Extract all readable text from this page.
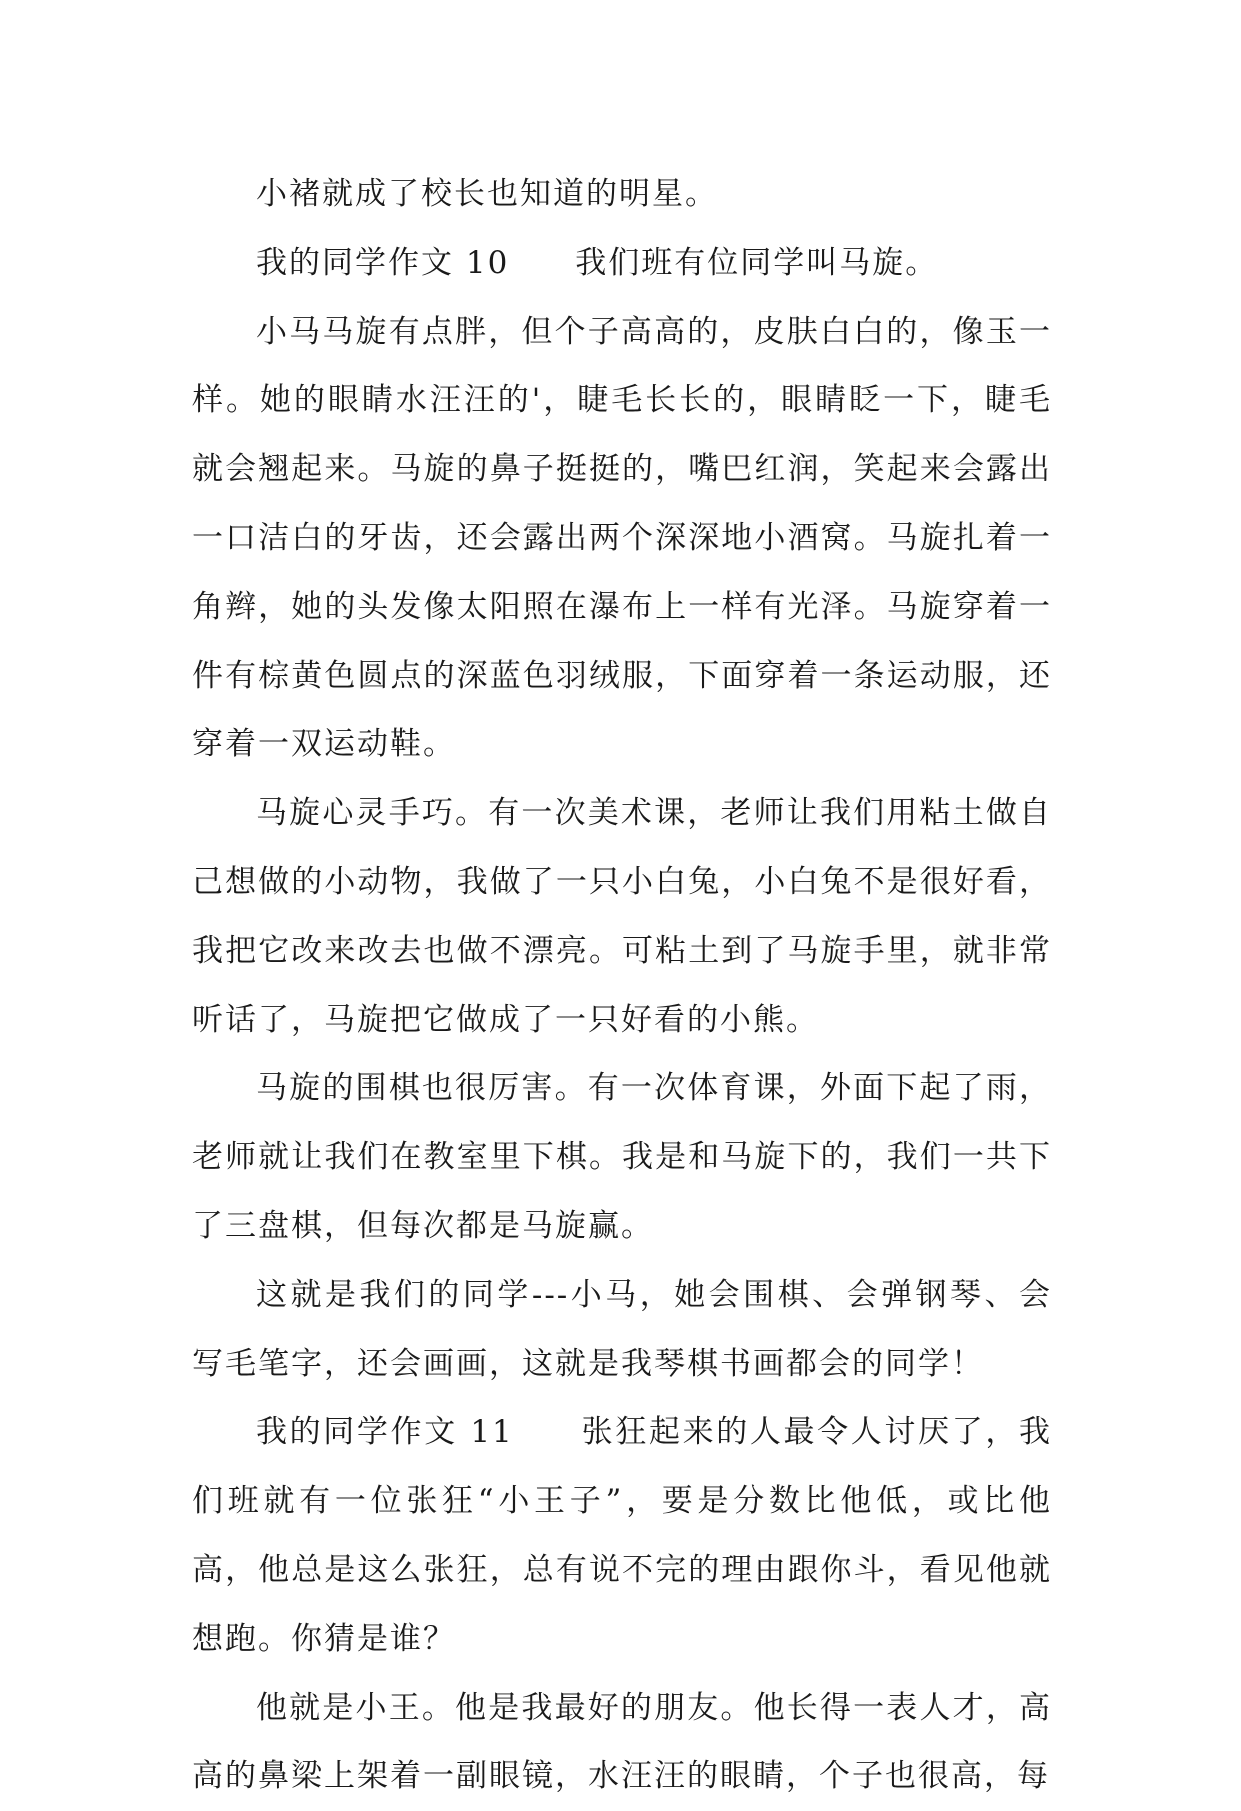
小褚就成了校长也知道的明星。

我的同学作文 10　　我们班有位同学叫马旋。

小马马旋有点胖，但个子高高的，皮肤白白的，像玉一样。她的眼睛水汪汪的'，睫毛长长的，眼睛眨一下，睫毛就会翘起来。马旋的鼻子挺挺的，嘴巴红润，笑起来会露出一口洁白的牙齿，还会露出两个深深地小酒窝。马旋扎着一角辫，她的头发像太阳照在瀑布上一样有光泽。马旋穿着一件有棕黄色圆点的深蓝色羽绒服，下面穿着一条运动服，还穿着一双运动鞋。

马旋心灵手巧。有一次美术课，老师让我们用粘土做自己想做的小动物，我做了一只小白兔，小白兔不是很好看，我把它改来改去也做不漂亮。可粘土到了马旋手里，就非常听话了，马旋把它做成了一只好看的小熊。

马旋的围棋也很厉害。有一次体育课，外面下起了雨，老师就让我们在教室里下棋。我是和马旋下的，我们一共下了三盘棋，但每次都是马旋赢。

这就是我们的同学---小马，她会围棋、会弹钢琴、会写毛笔字，还会画画，这就是我琴棋书画都会的同学！

我的同学作文 11　　张狂起来的人最令人讨厌了，我们班就有一位张狂“小王子”，要是分数比他低，或比他高，他总是这么张狂，总有说不完的理由跟你斗，看见他就想跑。你猜是谁？

他就是小王。他是我最好的朋友。他长得一表人才，高高的鼻梁上架着一副眼镜，水汪汪的眼睛，个子也很高，每
